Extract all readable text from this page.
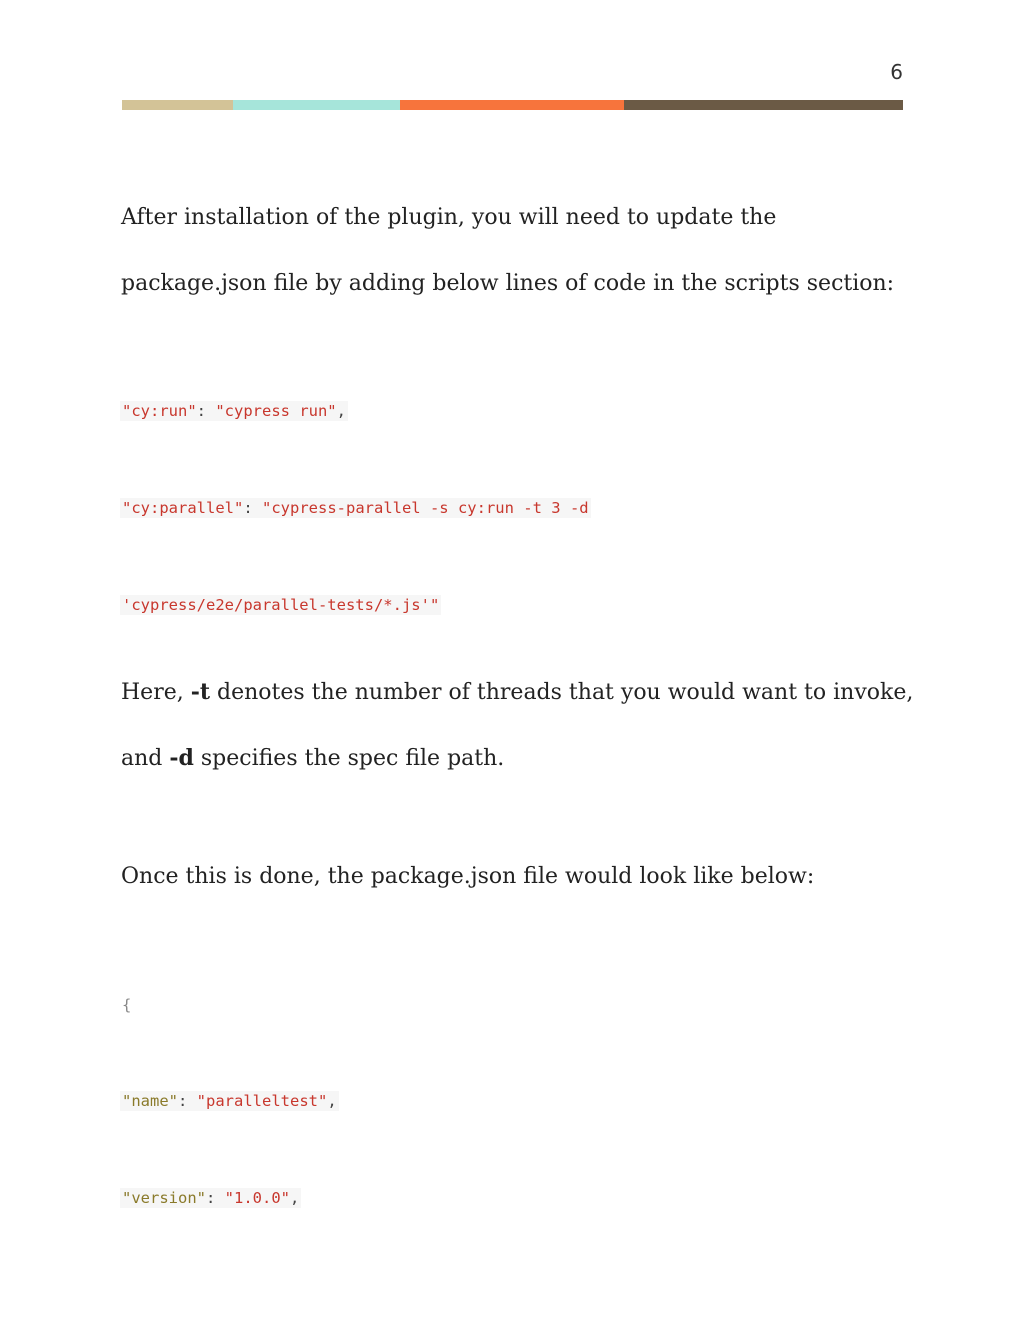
6
After installation of the plugin, you will need to update the
package.json file by adding below lines of code in the scripts section:
"cy:run": "cypress run",
"cy:parallel": "cypress-parallel -s cy:run -t 3 -d
'cypress/e2e/parallel-tests/*.js'"
Here, -t denotes the number of threads that you would want to invoke,
and -d specifies the spec file path.
Once this is done, the package.json file would look like below:
{
"name": "paralleltest",
"version": "1.0.0",
